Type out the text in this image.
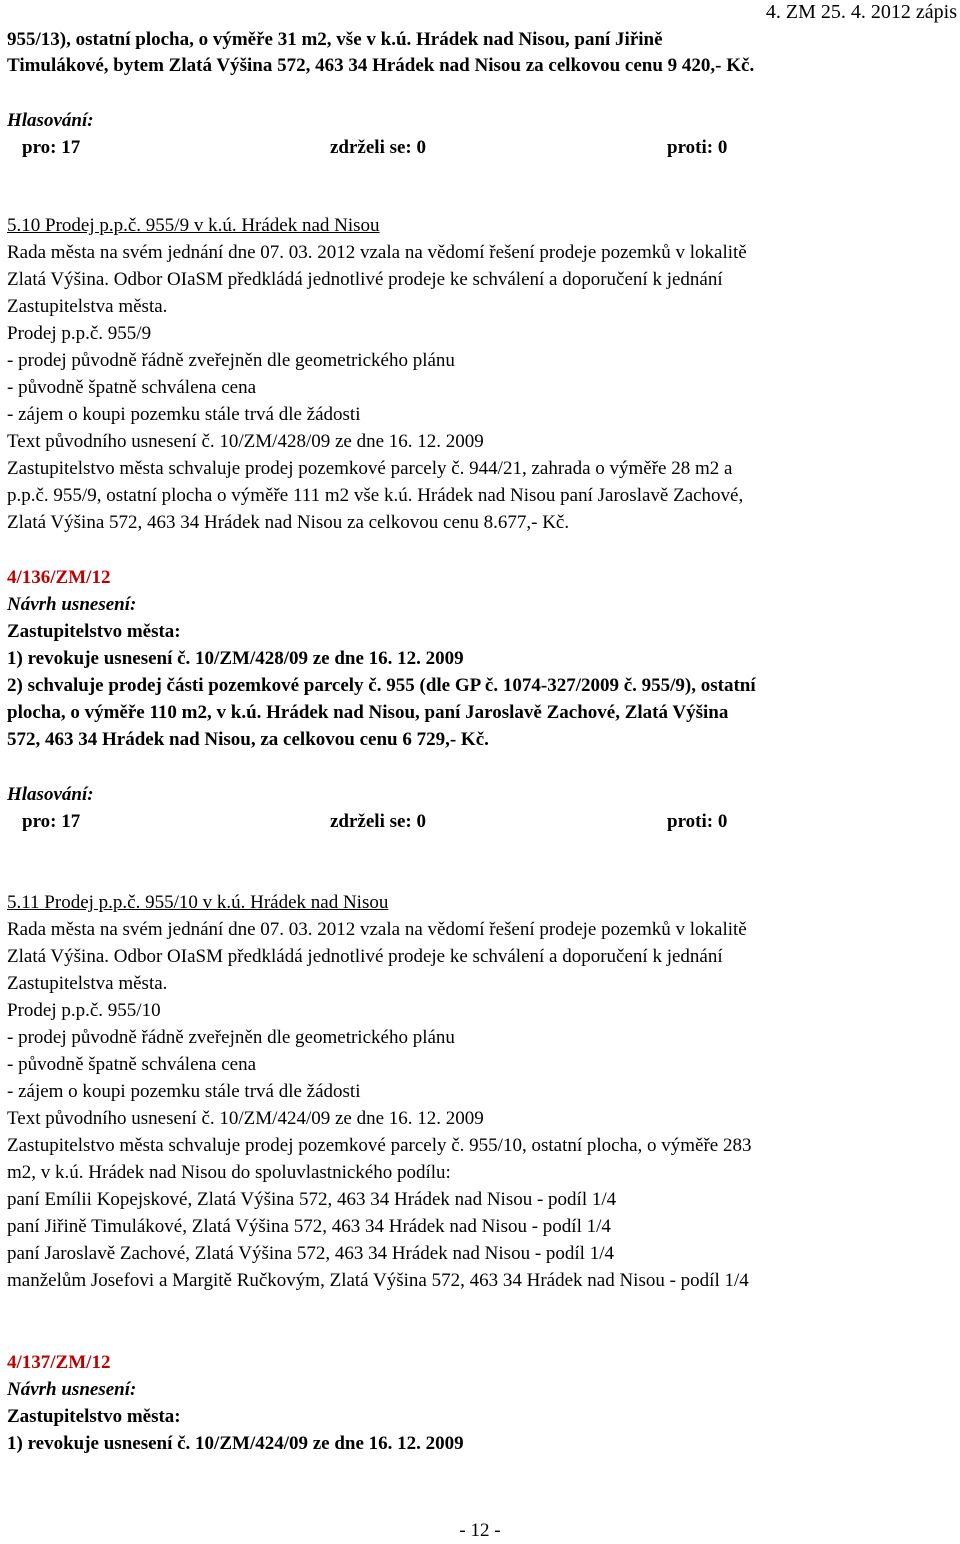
4. ZM 25. 4. 2012 zápis
955/13), ostatní plocha, o výměře 31 m2, vše v k.ú. Hrádek nad Nisou, paní Jiřině
Timulákové, bytem Zlatá Výšina 572, 463 34 Hrádek nad Nisou za celkovou cenu 9 420,- Kč.
Hlasování:
pro: 17	zdrželi se: 0	proti: 0
5.10 Prodej p.p.č. 955/9 v k.ú. Hrádek nad Nisou
Rada města na svém jednání dne 07. 03. 2012 vzala na vědomí řešení prodeje pozemků v lokalitě
Zlatá Výšina. Odbor OIaSM předkládá jednotlivé prodeje ke schválení a doporučení k jednání
Zastupitelstva města.
Prodej p.p.č. 955/9
- prodej původně řádně zveřejněn dle geometrického plánu
- původně špatně schválena cena
- zájem o koupi pozemku stále trvá dle žádosti
Text původního usnesení č. 10/ZM/428/09 ze dne 16. 12. 2009
Zastupitelstvo města schvaluje prodej pozemkové parcely č. 944/21, zahrada o výměře 28 m2 a
p.p.č. 955/9, ostatní plocha o výměře 111 m2 vše k.ú. Hrádek nad Nisou paní Jaroslavě Zachové,
Zlatá Výšina 572, 463 34 Hrádek nad Nisou za celkovou cenu 8.677,- Kč.
4/136/ZM/12
Návrh usnesení:
Zastupitelstvo města:
1) revokuje usnesení č. 10/ZM/428/09 ze dne 16. 12. 2009
2) schvaluje prodej části pozemkové parcely č. 955 (dle GP č. 1074-327/2009 č. 955/9), ostatní
plocha, o výměře 110 m2, v k.ú. Hrádek nad Nisou, paní Jaroslavě Zachové, Zlatá Výšina
572, 463 34 Hrádek nad Nisou, za celkovou cenu 6 729,- Kč.
Hlasování:
pro: 17	zdrželi se: 0	proti: 0
5.11 Prodej p.p.č. 955/10 v k.ú. Hrádek nad Nisou
Rada města na svém jednání dne 07. 03. 2012 vzala na vědomí řešení prodeje pozemků v lokalitě
Zlatá Výšina. Odbor OIaSM předkládá jednotlivé prodeje ke schválení a doporučení k jednání
Zastupitelstva města.
Prodej p.p.č. 955/10
- prodej původně řádně zveřejněn dle geometrického plánu
- původně špatně schválena cena
- zájem o koupi pozemku stále trvá dle žádosti
Text původního usnesení č. 10/ZM/424/09 ze dne 16. 12. 2009
Zastupitelstvo města schvaluje prodej pozemkové parcely č. 955/10, ostatní plocha, o výměře 283
m2, v k.ú. Hrádek nad Nisou do spoluvlastnického podílu:
paní Emílii Kopejskové, Zlatá Výšina 572, 463 34 Hrádek nad Nisou - podíl 1/4
paní Jiřině Timulákové, Zlatá Výšina 572, 463 34 Hrádek nad Nisou - podíl 1/4
paní Jaroslavě Zachové, Zlatá Výšina 572, 463 34 Hrádek nad Nisou - podíl 1/4
manželům Josefovi a Margitě Ručkovým, Zlatá Výšina 572, 463 34 Hrádek nad Nisou - podíl 1/4
4/137/ZM/12
Návrh usnesení:
Zastupitelstvo města:
1) revokuje usnesení č. 10/ZM/424/09 ze dne 16. 12. 2009
- 12 -
